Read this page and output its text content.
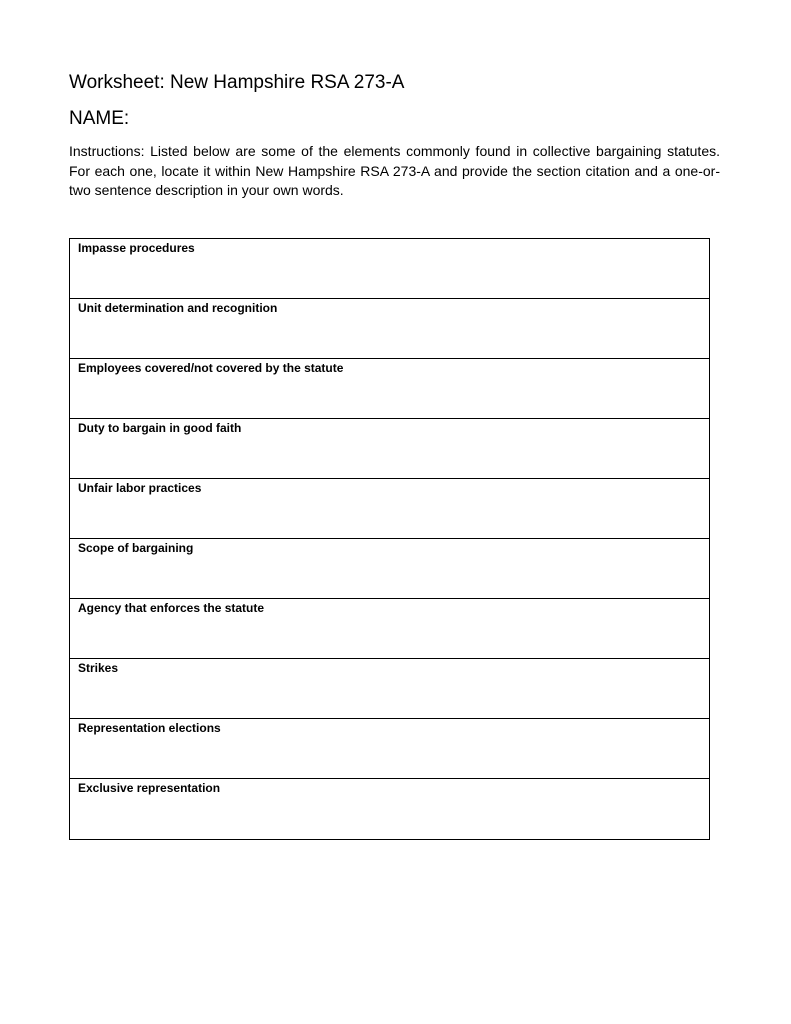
Worksheet: New Hampshire RSA 273-A
NAME:

Instructions: Listed below are some of the elements commonly found in collective bargaining statutes. For each one, locate it within New Hampshire RSA 273-A and provide the section citation and a one-or-two sentence description in your own words.

Impasse procedures
Unit determination and recognition
Employees covered/not covered by the statute
Duty to bargain in good faith
Unfair labor practices
Scope of bargaining
Agency that enforces the statute
Strikes
Representation elections
Exclusive representation
